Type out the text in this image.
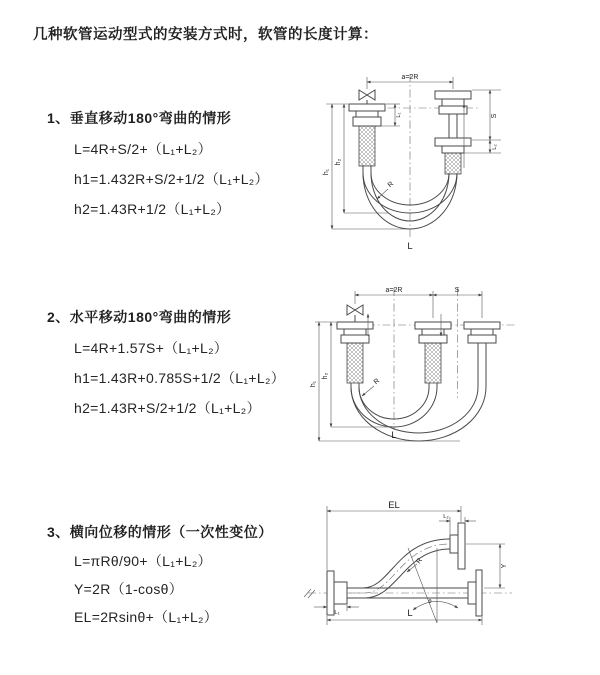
几种软管运动型式的安装方式时，软管的长度计算：
1、垂直移动180°弯曲的情形
L=4R+S/2+（L₁+L₂）
h1=1.432R+S/2+1/2（L₁+L₂）
h2=1.43R+1/2（L₁+L₂）
2、水平移动180°弯曲的情形
L=4R+1.57S+（L₁+L₂）
h1=1.43R+0.785S+1/2（L₁+L₂）
h2=1.43R+S/2+1/2（L₁+L₂）
3、横向位移的情形（一次性变位）
L=πRθ/90+（L₁+L₂）
Y=2R（1-cosθ）
EL=2Rsinθ+（L₁+L₂）
a=2R
S
L₂
L₁
h₁
h₂
R
L
a=2R	S
h₁
h₂
R
L
EL
L₂
Y
R
θ
L
L₁
